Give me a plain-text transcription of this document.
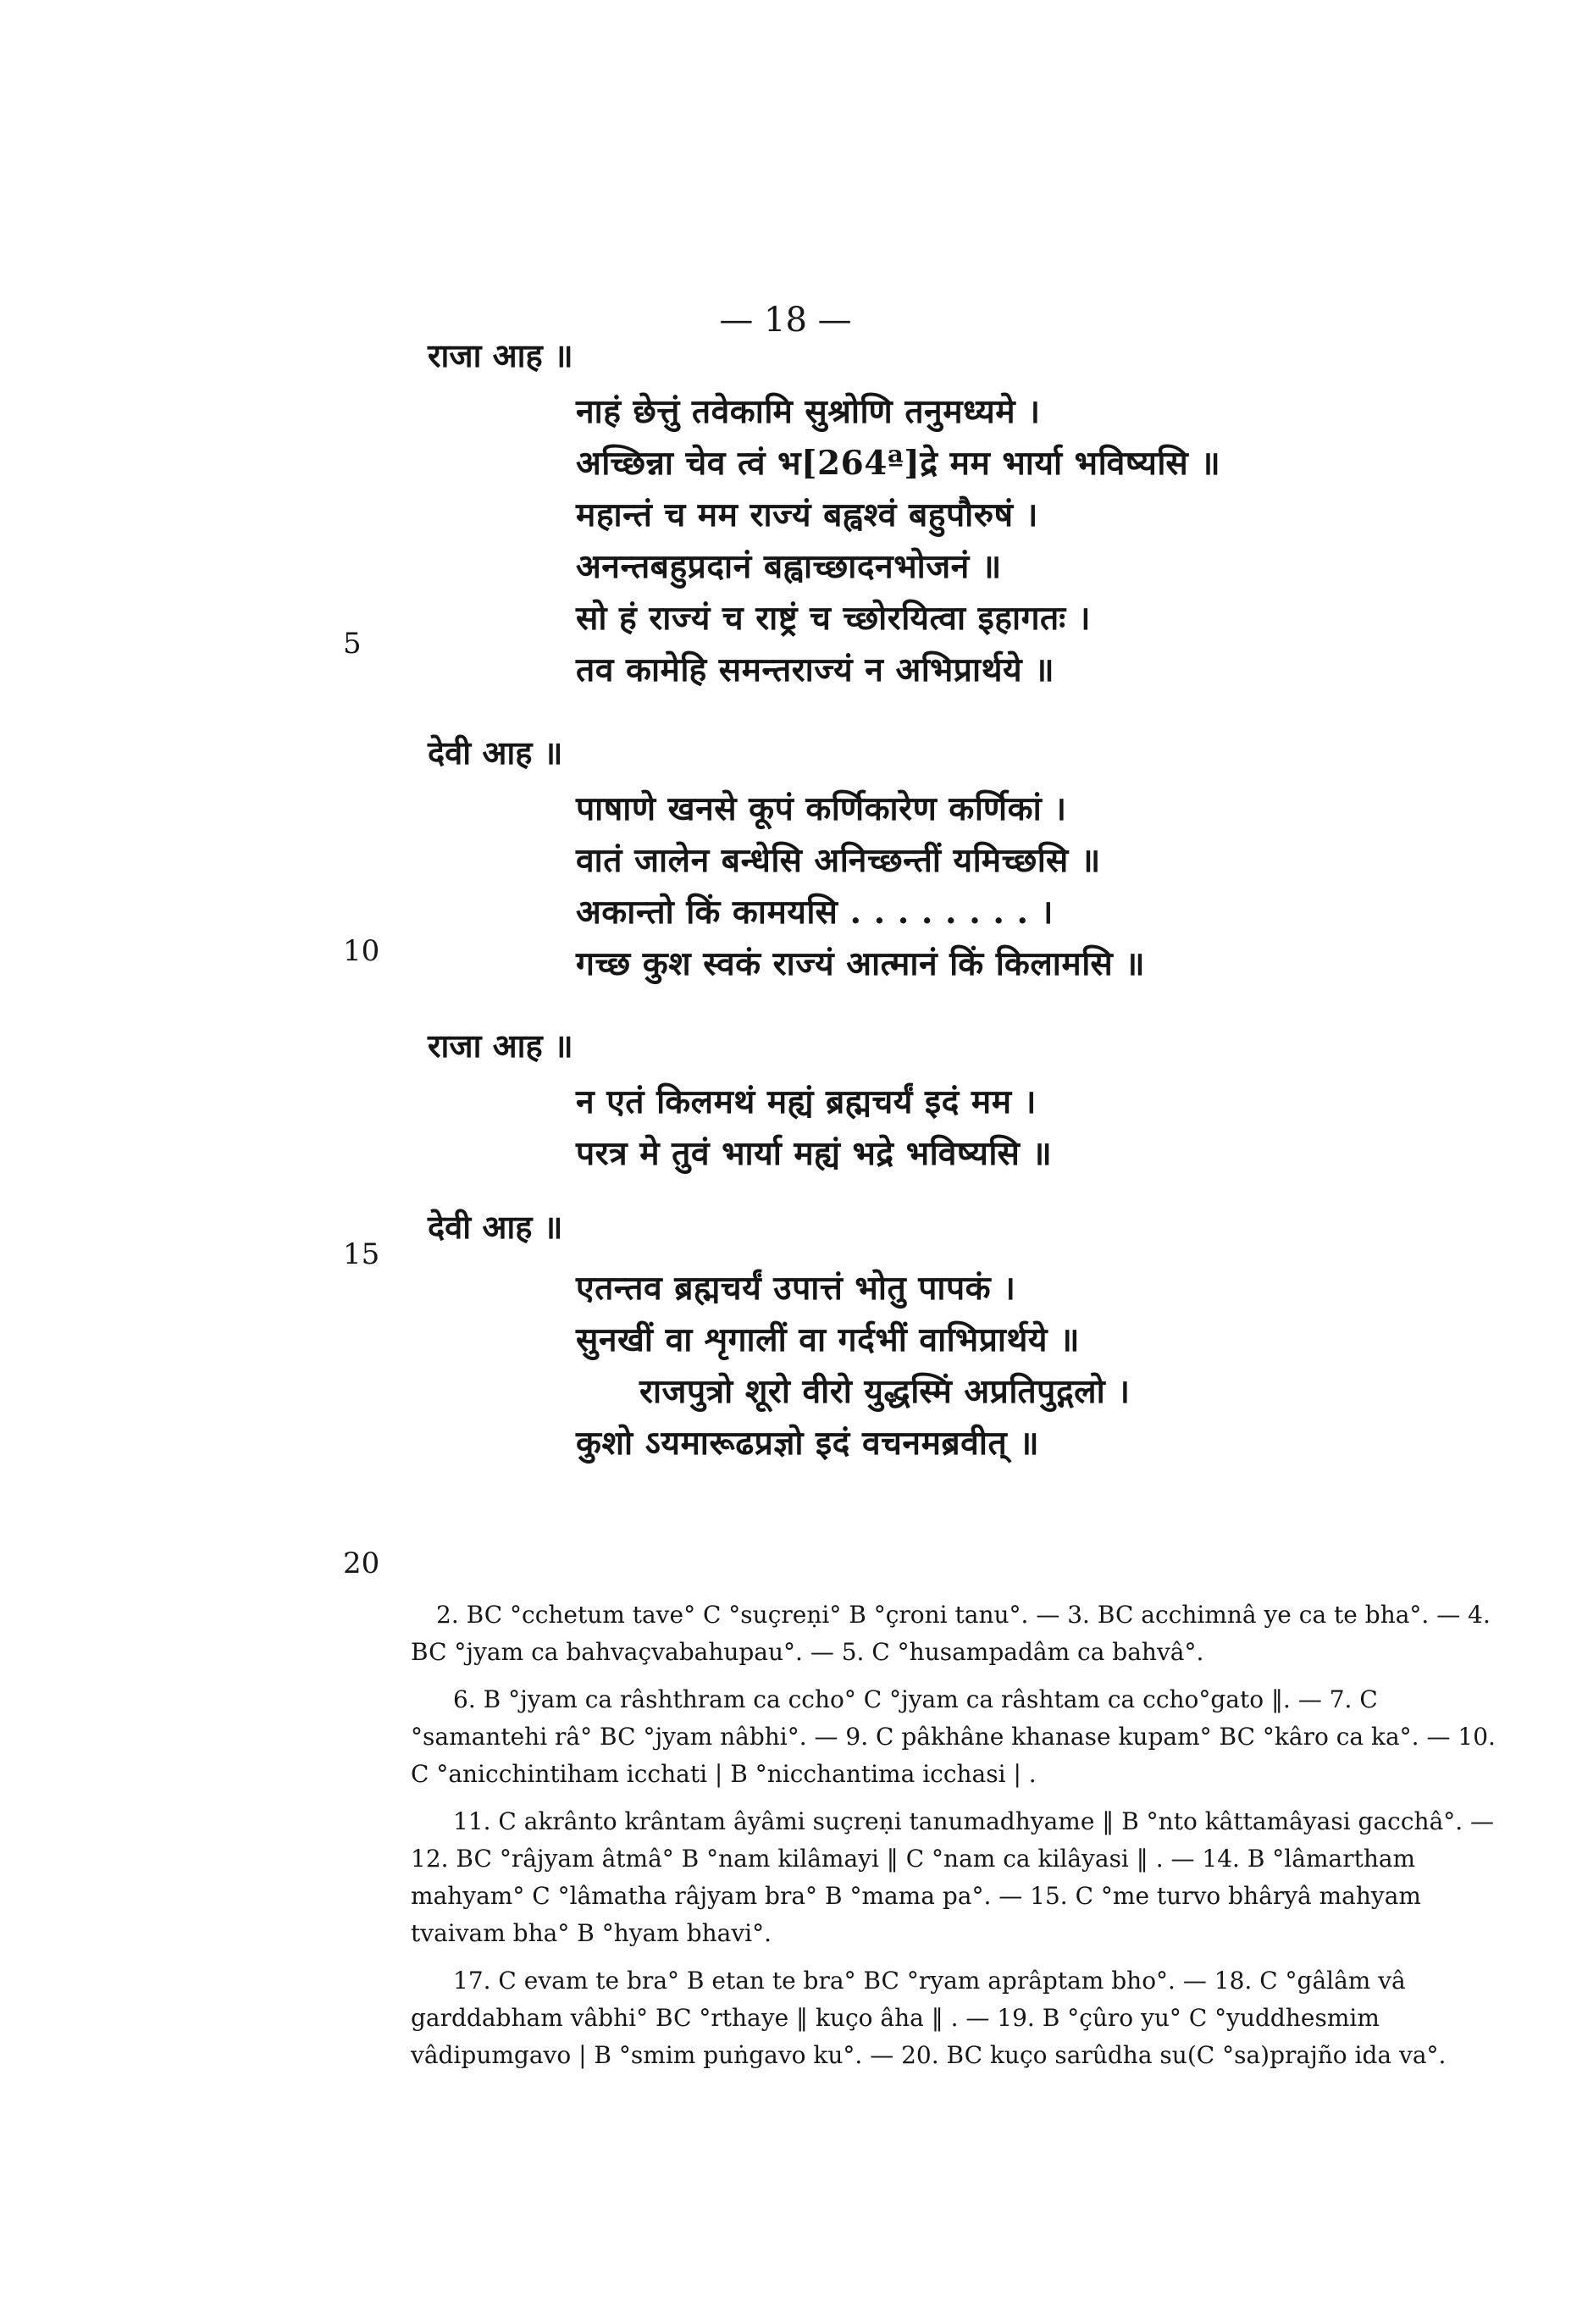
— 18 —
राजा आह ॥
नाहं छेत्तुं तवेकामि सुश्रोणि तनुमध्यमे ।
अच्छिन्ना चेव त्वं भ[264ª]द्रे मम भार्या भविष्यसि ॥
महान्तं च मम राज्यं बह्वश्वं बहुपौरुषं ।
अनन्तबहुप्रदानं बह्वाच्छादनभोजनं ॥
सो हं राज्यं च राष्ट्रं च च्छोरयित्वा इहागतः ।
तव कामेहि समन्तराज्यं न अभिप्रार्थये ॥
देवी आह ॥
पाषाणे खनसे कूपं कर्णिकारेण कर्णिकां ।
वातं जालेन बन्धेसि अनिच्छन्तीं यमिच्छसि ॥
अकान्तो किं कामयसि . . . . . . . . ।
गच्छ कुश स्वकं राज्यं आत्मानं किं किलामसि ॥
राजा आह ॥
न एतं किलमथं मह्यं ब्रह्मचर्यं इदं मम ।
परत्र मे तुवं भार्या मह्यं भद्रे भविष्यसि ॥
देवी आह ॥
एतन्तव ब्रह्मचर्यं उपात्तं भोतु पापकं ।
सुनखीं वा शृगालीं वा गर्दभीं वाभिप्रार्थये ॥
राजपुत्रो शूरो वीरो युद्धस्मिं अप्रतिपुद्गलो ।
कुशो ऽयमारूढप्रज्ञो इदं वचनमब्रवीत् ॥
5
10
15
20

2. BC °cchetum tave° C °suçreṇi° B °çroni tanu°. — 3. BC acchimnâ ye ca te bha°. — 4. BC °jyam ca bahvaçvabahupau°. — 5. C °husampadâm ca bahvâ°.

6. B °jyam ca râshthram ca ccho° C °jyam ca râshtam ca ccho°gato ‖. — 7. C °samantehi râ° BC °jyam nâbhi°. — 9. C pâkhâne khanase kupam° BC °kâro ca ka°. — 10. C °anicchintiham icchati | B °nicchantima icchasi | .

11. C akrânto krântam âyâmi suçreṇi tanumadhyame ‖ B °nto kâttamâyasi gacchâ°. — 12. BC °râjyam âtmâ° B °nam kilâmayi ‖ C °nam ca kilâyasi ‖ . — 14. B °lâmartham mahyam° C °lâmatha râjyam bra° B °mama pa°. — 15. C °me turvo bhâryâ mahyam tvaivam bha° B °hyam bhavi°.

17. C evam te bra° B etan te bra° BC °ryam aprâptam bho°. — 18. C °gâlâm vâ garddabham vâbhi° BC °rthaye ‖ kuço âha ‖ . — 19. B °çûro yu° C °yuddhesmim vâdipumgavo | B °smim puṅgavo ku°. — 20. BC kuço sarûdha su(C °sa)prajño ida va°.
